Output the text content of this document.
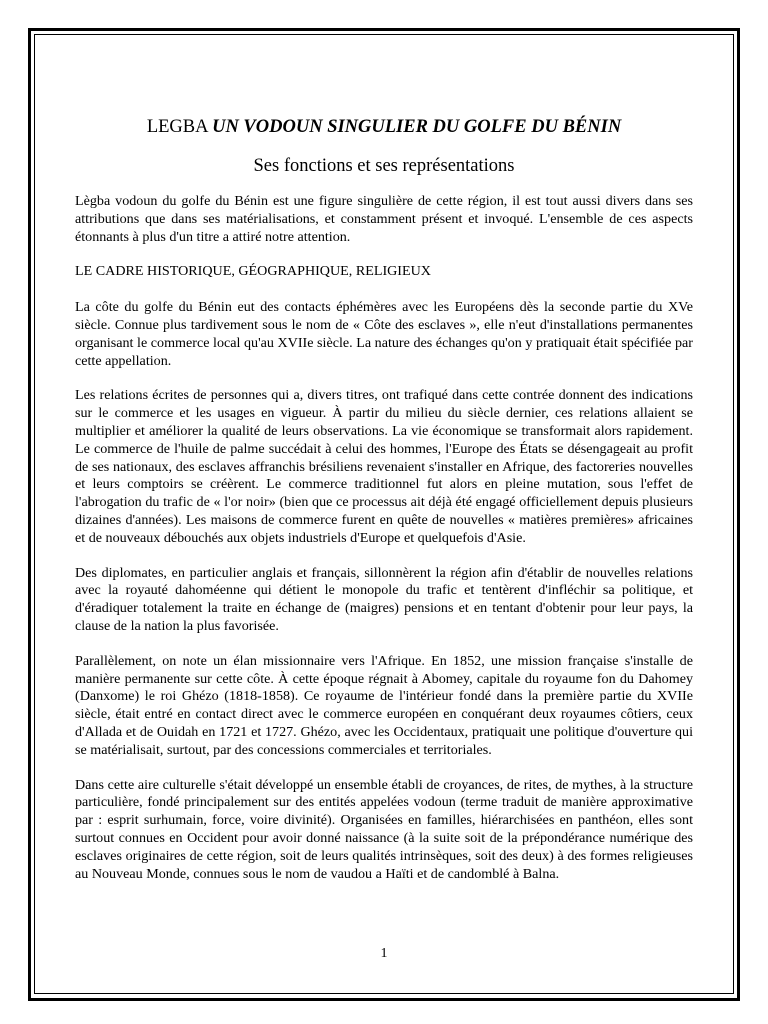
LEGBA UN VODOUN SINGULIER DU GOLFE DU BÉNIN
Ses fonctions et ses représentations

Lègba vodoun du golfe du Bénin est une figure singulière de cette région, il est tout aussi divers dans ses attributions que dans ses matérialisations, et constamment présent et invoqué. L'ensemble de ces aspects étonnants à plus d'un titre a attiré notre attention.

LE CADRE HISTORIQUE, GÉOGRAPHIQUE, RELIGIEUX

La côte du golfe du Bénin eut des contacts éphémères avec les Européens dès la seconde partie du XVe siècle. Connue plus tardivement sous le nom de « Côte des esclaves », elle n'eut d'installations permanentes organisant le commerce local qu'au XVIIe siècle. La nature des échanges qu'on y pratiquait était spécifiée par cette appellation.

Les relations écrites de personnes qui a, divers titres, ont trafiqué dans cette contrée donnent des indications sur le commerce et les usages en vigueur. À partir du milieu du siècle dernier, ces relations allaient se multiplier et améliorer la qualité de leurs observations. La vie économique se transformait alors rapidement. Le commerce de l'huile de palme succédait à celui des hommes, l'Europe des États se désengageait au profit de ses nationaux, des esclaves affranchis brésiliens revenaient s'installer en Afrique, des factoreries nouvelles et leurs comptoirs se créèrent. Le commerce traditionnel fut alors en pleine mutation, sous l'effet de l'abrogation du trafic de « l'or noir» (bien que ce processus ait déjà été engagé officiellement depuis plusieurs dizaines d'années). Les maisons de commerce furent en quête de nouvelles « matières premières» africaines et de nouveaux débouchés aux objets industriels d'Europe et quelquefois d'Asie.

Des diplomates, en particulier anglais et français, sillonnèrent la région afin d'établir de nouvelles relations avec la royauté dahoméenne qui détient le monopole du trafic et tentèrent d'infléchir sa politique, et d'éradiquer totalement la traite en échange de (maigres) pensions et en tentant d'obtenir pour leur pays, la clause de la nation la plus favorisée.

Parallèlement, on note un élan missionnaire vers l'Afrique. En 1852, une mission française s'installe de manière permanente sur cette côte. À cette époque régnait à Abomey, capitale du royaume fon du Dahomey (Danxome) le roi Ghézo (1818-1858). Ce royaume de l'intérieur fondé dans la première partie du XVIIe siècle, était entré en contact direct avec le commerce européen en conquérant deux royaumes côtiers, ceux d'Allada et de Ouidah en 1721 et 1727. Ghézo, avec les Occidentaux, pratiquait une politique d'ouverture qui se matérialisait, surtout, par des concessions commerciales et territoriales.

Dans cette aire culturelle s'était développé un ensemble établi de croyances, de rites, de mythes, à la structure particulière, fondé principalement sur des entités appelées vodoun (terme traduit de manière approximative par : esprit surhumain, force, voire divinité). Organisées en familles, hiérarchisées en panthéon, elles sont surtout connues en Occident pour avoir donné naissance (à la suite soit de la prépondérance numérique des esclaves originaires de cette région, soit de leurs qualités intrinsèques, soit des deux) à des formes religieuses au Nouveau Monde, connues sous le nom de vaudou a Haïti et de candomblé à Balna.

1
